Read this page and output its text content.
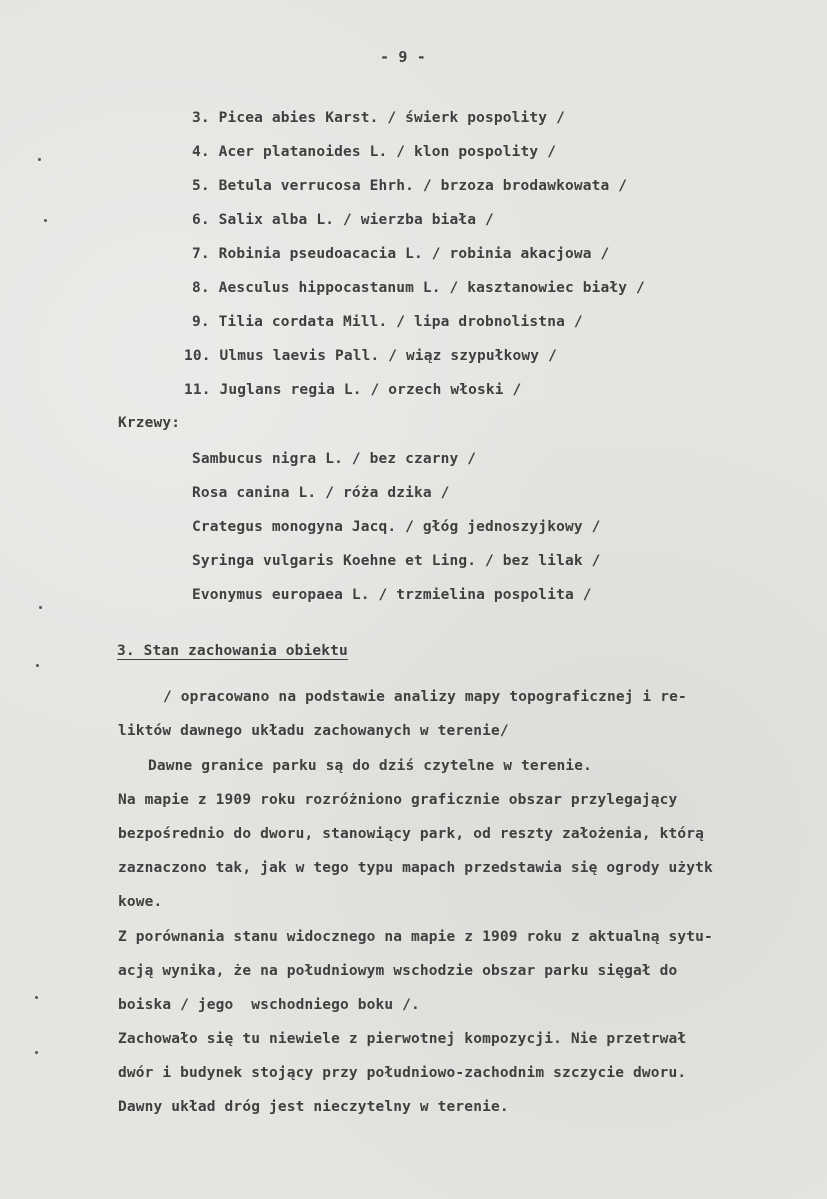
- 9 -
3. Picea abies Karst. / świerk pospolity /
4. Acer platanoides L. / klon pospolity /
5. Betula verrucosa Ehrh. / brzoza brodawkowata /
6. Salix alba L. / wierzba biała /
7. Robinia pseudoacacia L. / robinia akacjowa /
8. Aesculus hippocastanum L. / kasztanowiec biały /
9. Tilia cordata Mill. / lipa drobnolistna /
10. Ulmus laevis Pall. / wiąz szypułkowy /
11. Juglans regia L. / orzech włoski /
Krzewy:
Sambucus nigra L. / bez czarny /
Rosa canina L. / róża dzika /
Crategus monogyna Jacq. / głóg jednoszyjkowy /
Syringa vulgaris Koehne et Ling. / bez lilak /
Evonymus europaea L. / trzmielina pospolita /
3. Stan zachowania obiektu
/ opracowano na podstawie analizy mapy topograficznej i re-
liktów dawnego układu zachowanych w terenie/
Dawne granice parku są do dziś czytelne w terenie.
Na mapie z 1909 roku rozróżniono graficznie obszar przylegający
bezpośrednio do dworu, stanowiący park, od reszty założenia, którą
zaznaczono tak, jak w tego typu mapach przedstawia się ogrody użytk
kowe.
Z porównania stanu widocznego na mapie z 1909 roku z aktualną sytu-
acją wynika, że na południowym wschodzie obszar parku sięgał do
boiska / jego  wschodniego boku /.
Zachowało się tu niewiele z pierwotnej kompozycji. Nie przetrwał
dwór i budynek stojący przy południowo-zachodnim szczycie dworu.
Dawny układ dróg jest nieczytelny w terenie.
